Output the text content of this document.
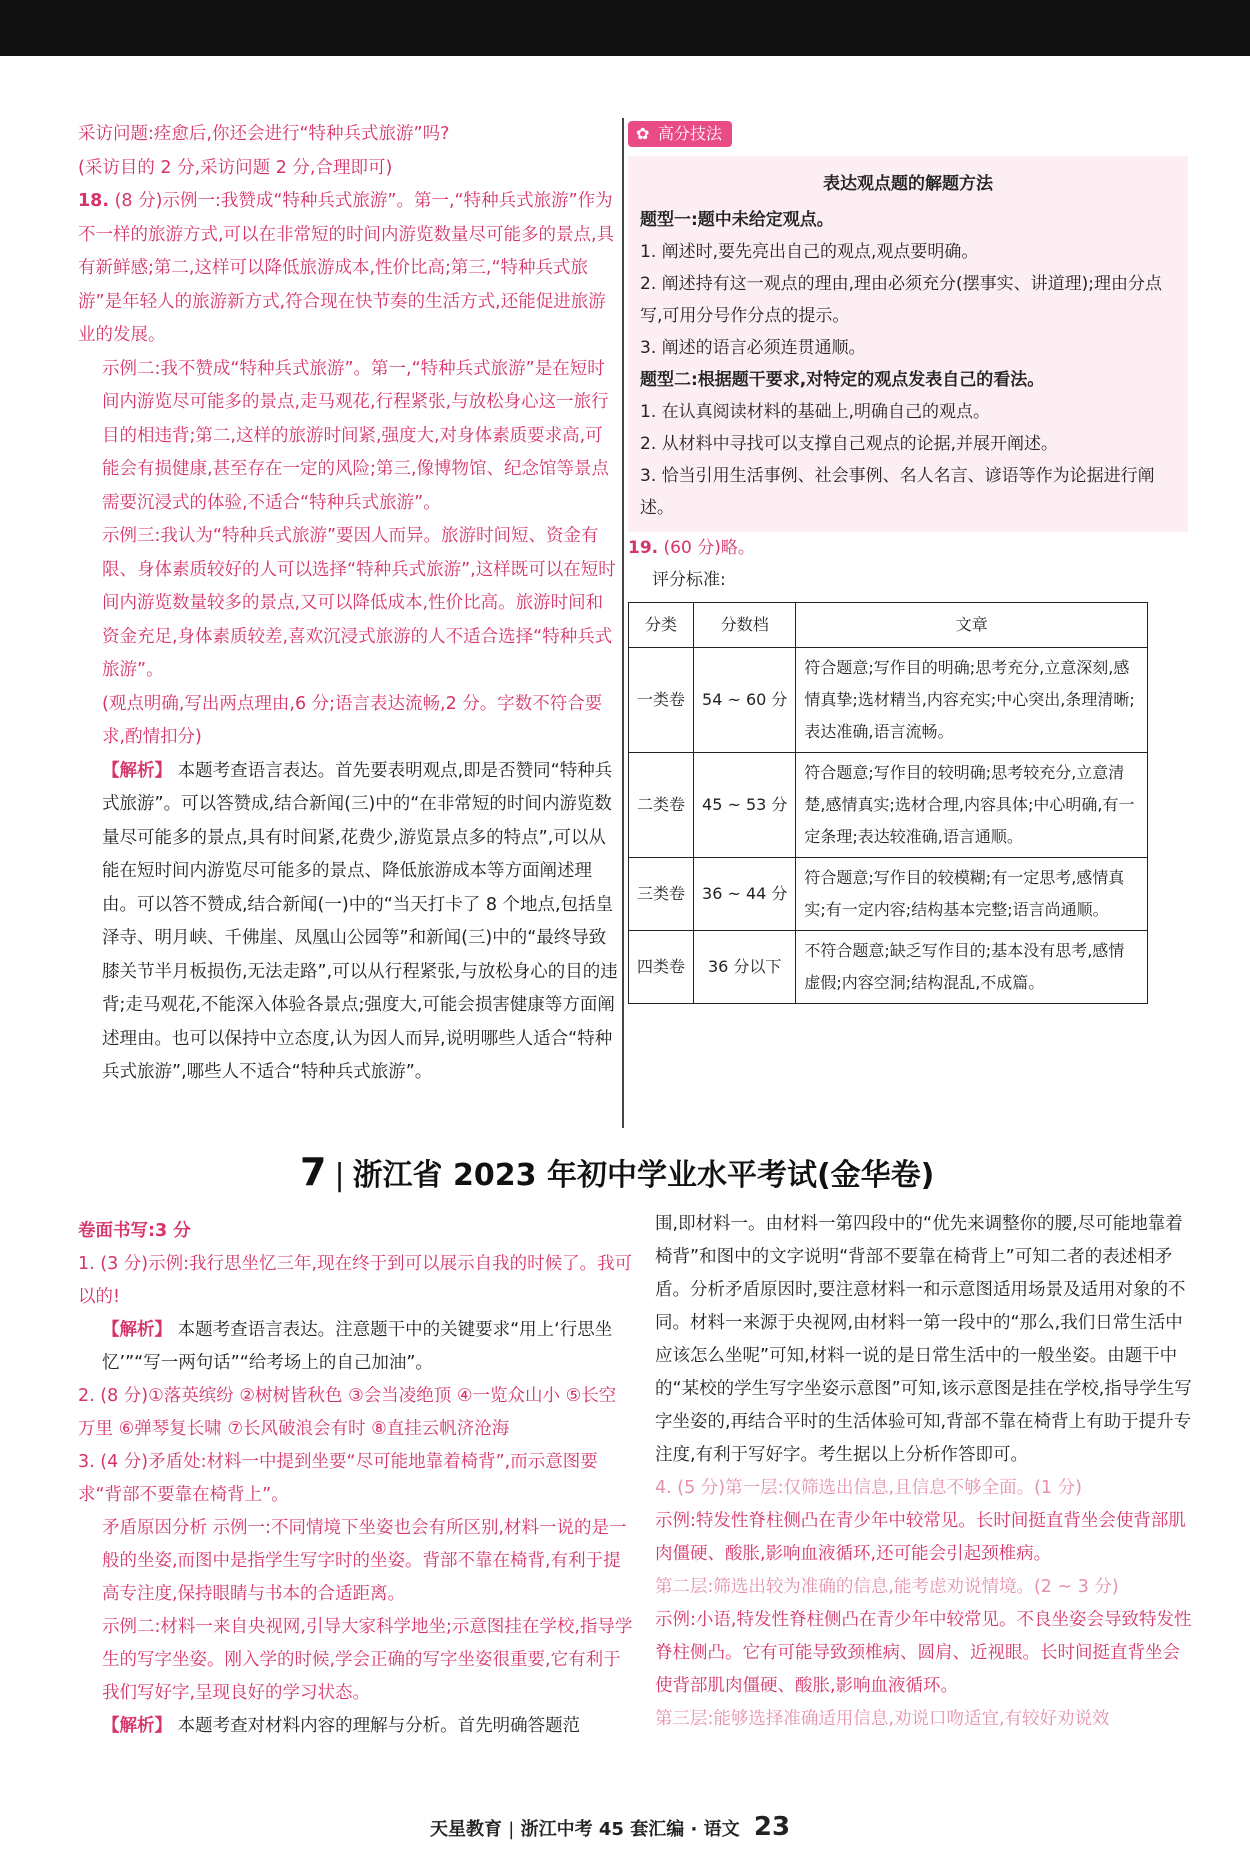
采访问题:痊愈后,你还会进行“特种兵式旅游”吗?

(采访目的 2 分,采访问题 2 分,合理即可)

18. (8 分)示例一:我赞成“特种兵式旅游”。第一,“特种兵式旅游”作为不一样的旅游方式,可以在非常短的时间内游览数量尽可能多的景点,具有新鲜感;第二,这样可以降低旅游成本,性价比高;第三,“特种兵式旅游”是年轻人的旅游新方式,符合现在快节奏的生活方式,还能促进旅游业的发展。

示例二:我不赞成“特种兵式旅游”。第一,“特种兵式旅游”是在短时间内游览尽可能多的景点,走马观花,行程紧张,与放松身心这一旅行目的相违背;第二,这样的旅游时间紧,强度大,对身体素质要求高,可能会有损健康,甚至存在一定的风险;第三,像博物馆、纪念馆等景点需要沉浸式的体验,不适合“特种兵式旅游”。

示例三:我认为“特种兵式旅游”要因人而异。旅游时间短、资金有限、身体素质较好的人可以选择“特种兵式旅游”,这样既可以在短时间内游览数量较多的景点,又可以降低成本,性价比高。旅游时间和资金充足,身体素质较差,喜欢沉浸式旅游的人不适合选择“特种兵式旅游”。

(观点明确,写出两点理由,6 分;语言表达流畅,2 分。字数不符合要求,酌情扣分)

【解析】 本题考查语言表达。首先要表明观点,即是否赞同“特种兵式旅游”。可以答赞成,结合新闻(三)中的“在非常短的时间内游览数量尽可能多的景点,具有时间紧,花费少,游览景点多的特点”,可以从能在短时间内游览尽可能多的景点、降低旅游成本等方面阐述理由。可以答不赞成,结合新闻(一)中的“当天打卡了 8 个地点,包括皇泽寺、明月峡、千佛崖、凤凰山公园等”和新闻(三)中的“最终导致膝关节半月板损伤,无法走路”,可以从行程紧张,与放松身心的目的违背;走马观花,不能深入体验各景点;强度大,可能会损害健康等方面阐述理由。也可以保持中立态度,认为因人而异,说明哪些人适合“特种兵式旅游”,哪些人不适合“特种兵式旅游”。

✿ 高分技法
表达观点题的解题方法
题型一:题中未给定观点。
1. 阐述时,要先亮出自己的观点,观点要明确。
2. 阐述持有这一观点的理由,理由必须充分(摆事实、讲道理);理由分点写,可用分号作分点的提示。
3. 阐述的语言必须连贯通顺。
题型二:根据题干要求,对特定的观点发表自己的看法。
1. 在认真阅读材料的基础上,明确自己的观点。
2. 从材料中寻找可以支撑自己观点的论据,并展开阐述。
3. 恰当引用生活事例、社会事例、名人名言、谚语等作为论据进行阐述。
19. (60 分)略。
评分标准:
分类	分数档	文章
一类卷	54 ~ 60 分	符合题意;写作目的明确;思考充分,立意深刻,感情真挚;选材精当,内容充实;中心突出,条理清晰;表达准确,语言流畅。
二类卷	45 ~ 53 分	符合题意;写作目的较明确;思考较充分,立意清楚,感情真实;选材合理,内容具体;中心明确,有一定条理;表达较准确,语言通顺。
三类卷	36 ~ 44 分	符合题意;写作目的较模糊;有一定思考,感情真实;有一定内容;结构基本完整;语言尚通顺。
四类卷	36 分以下	不符合题意;缺乏写作目的;基本没有思考,感情虚假;内容空洞;结构混乱,不成篇。
7 | 浙江省 2023 年初中学业水平考试(金华卷)
卷面书写:3 分
1. (3 分)示例:我行思坐忆三年,现在终于到可以展示自我的时候了。我可以的!
【解析】 本题考查语言表达。注意题干中的关键要求“用上‘行思坐忆’”“写一两句话”“给考场上的自己加油”。
2. (8 分)①落英缤纷 ②树树皆秋色 ③会当凌绝顶 ④一览众山小 ⑤长空万里 ⑥弹琴复长啸 ⑦长风破浪会有时 ⑧直挂云帆济沧海
3. (4 分)矛盾处:材料一中提到坐要“尽可能地靠着椅背”,而示意图要求“背部不要靠在椅背上”。
矛盾原因分析 示例一:不同情境下坐姿也会有所区别,材料一说的是一般的坐姿,而图中是指学生写字时的坐姿。背部不靠在椅背,有利于提高专注度,保持眼睛与书本的合适距离。
示例二:材料一来自央视网,引导大家科学地坐;示意图挂在学校,指导学生的写字坐姿。刚入学的时候,学会正确的写字坐姿很重要,它有利于我们写好字,呈现良好的学习状态。
【解析】 本题考查对材料内容的理解与分析。首先明确答题范
围,即材料一。由材料一第四段中的“优先来调整你的腰,尽可能地靠着椅背”和图中的文字说明“背部不要靠在椅背上”可知二者的表述相矛盾。分析矛盾原因时,要注意材料一和示意图适用场景及适用对象的不同。材料一来源于央视网,由材料一第一段中的“那么,我们日常生活中应该怎么坐呢”可知,材料一说的是日常生活中的一般坐姿。由题干中的“某校的学生写字坐姿示意图”可知,该示意图是挂在学校,指导学生写字坐姿的,再结合平时的生活体验可知,背部不靠在椅背上有助于提升专注度,有利于写好字。考生据以上分析作答即可。
4. (5 分)第一层:仅筛选出信息,且信息不够全面。(1 分)
示例:特发性脊柱侧凸在青少年中较常见。长时间挺直背坐会使背部肌肉僵硬、酸胀,影响血液循环,还可能会引起颈椎病。
第二层:筛选出较为准确的信息,能考虑劝说情境。(2 ~ 3 分)
示例:小语,特发性脊柱侧凸在青少年中较常见。不良坐姿会导致特发性脊柱侧凸。它有可能导致颈椎病、圆肩、近视眼。长时间挺直背坐会使背部肌肉僵硬、酸胀,影响血液循环。
第三层:能够选择准确适用信息,劝说口吻适宜,有较好劝说效
天星教育 | 浙江中考 45 套汇编 · 语文 23
